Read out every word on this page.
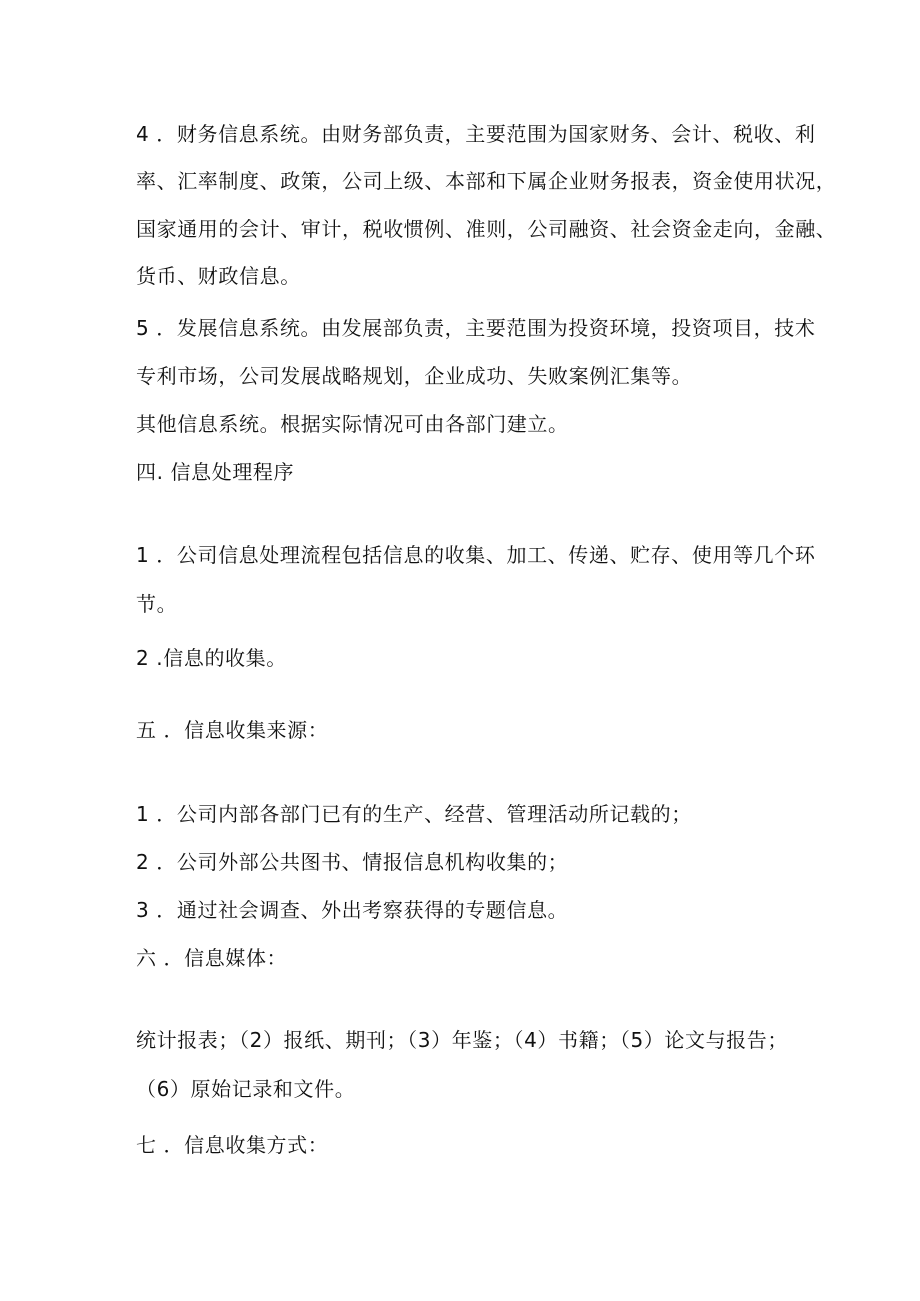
4 ．财务信息系统。由财务部负责，主要范围为国家财务、会计、税收、利
率、汇率制度、政策，公司上级、本部和下属企业财务报表，资金使用状况，
国家通用的会计、审计，税收惯例、准则，公司融资、社会资金走向，金融、
货币、财政信息。
5 ．发展信息系统。由发展部负责，主要范围为投资环境，投资项目，技术
专利市场，公司发展战略规划，企业成功、失败案例汇集等。
其他信息系统。根据实际情况可由各部门建立。
四. 信息处理程序
1 ．公司信息处理流程包括信息的收集、加工、传递、贮存、使用等几个环
节。
2 .信息的收集。
五 ．信息收集来源：
1 ．公司内部各部门已有的生产、经营、管理活动所记载的；
2 ．公司外部公共图书、情报信息机构收集的；
3 ．通过社会调查、外出考察获得的专题信息。
六 ．信息媒体：
统计报表；（2）报纸、期刊；（3）年鉴；（4）书籍；（5）论文与报告；
（6）原始记录和文件。
七 ．信息收集方式：
